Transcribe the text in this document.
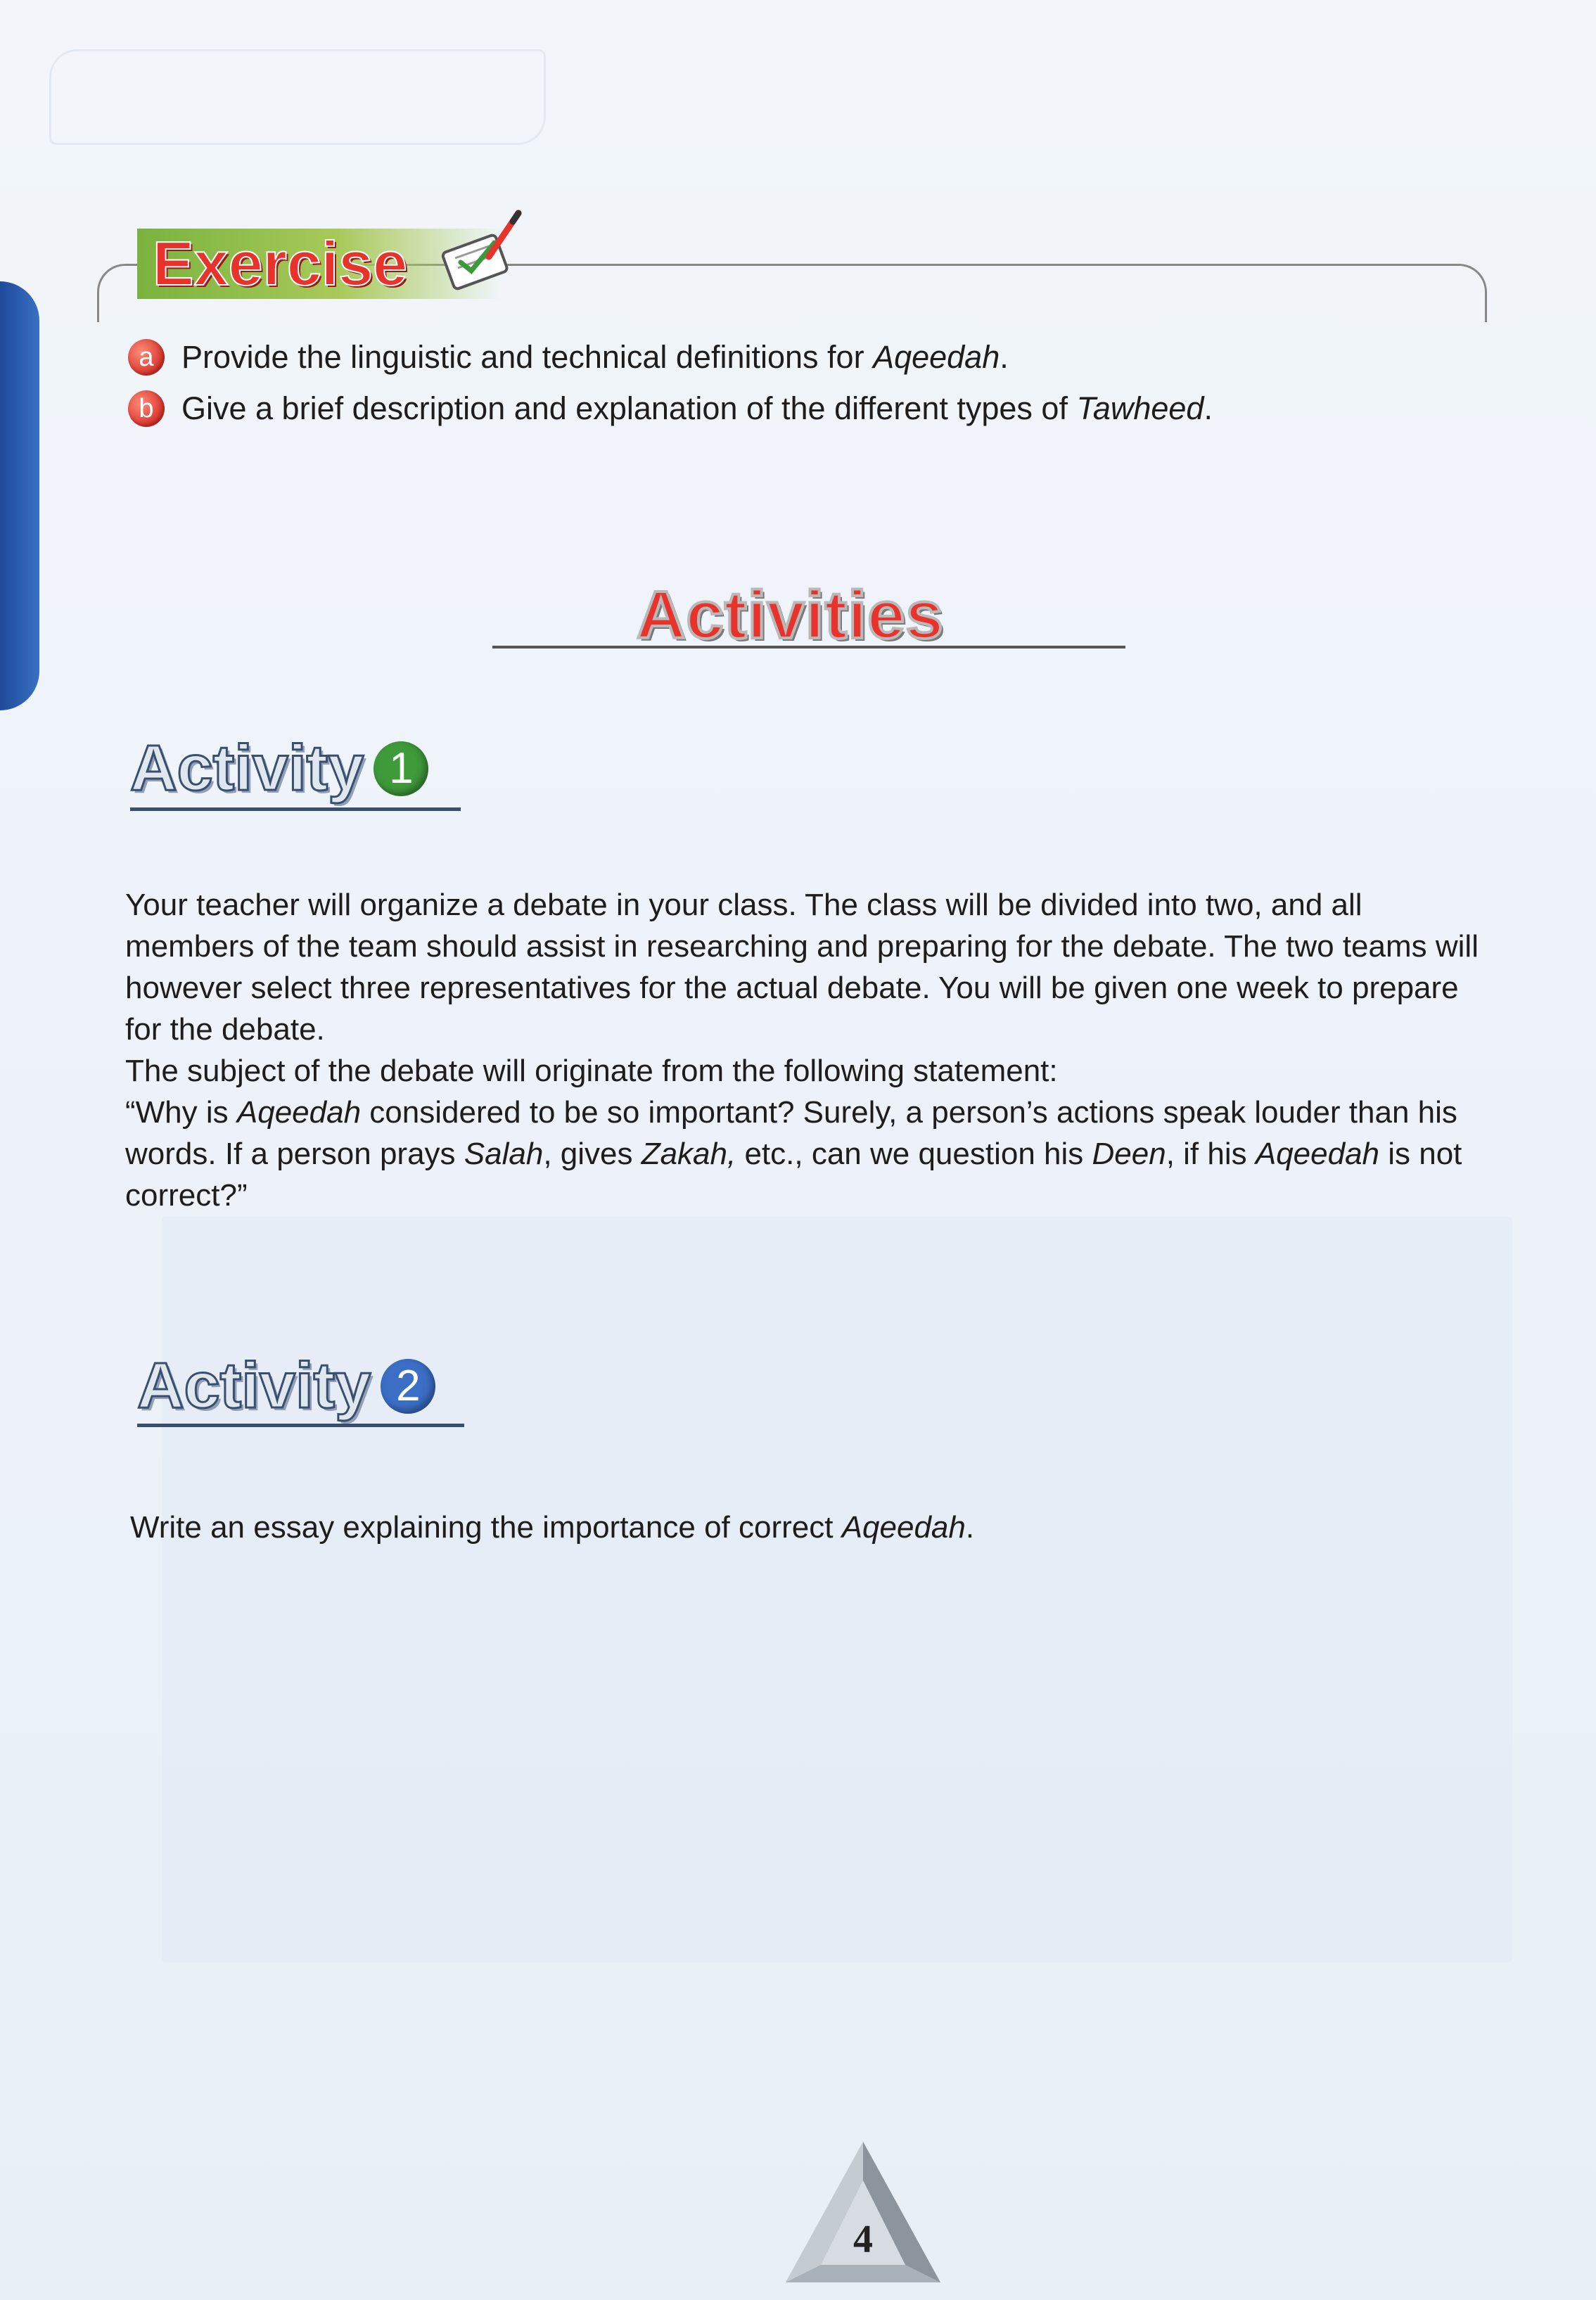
Exercise
a Provide the linguistic and technical definitions for Aqeedah.
b Give a brief description and explanation of the different types of Tawheed.
Activities
Activity 1

Your teacher will organize a debate in your class. The class will be divided into two, and all members of the team should assist in researching and preparing for the debate. The two teams will however select three representatives for the actual debate. You will be given one week to prepare for the debate.

The subject of the debate will originate from the following statement:

“Why is Aqeedah considered to be so important? Surely, a person’s actions speak louder than his words. If a person prays Salah, gives Zakah, etc., can we question his Deen, if his Aqeedah is not correct?”

Activity 2

Write an essay explaining the importance of correct Aqeedah.

4
